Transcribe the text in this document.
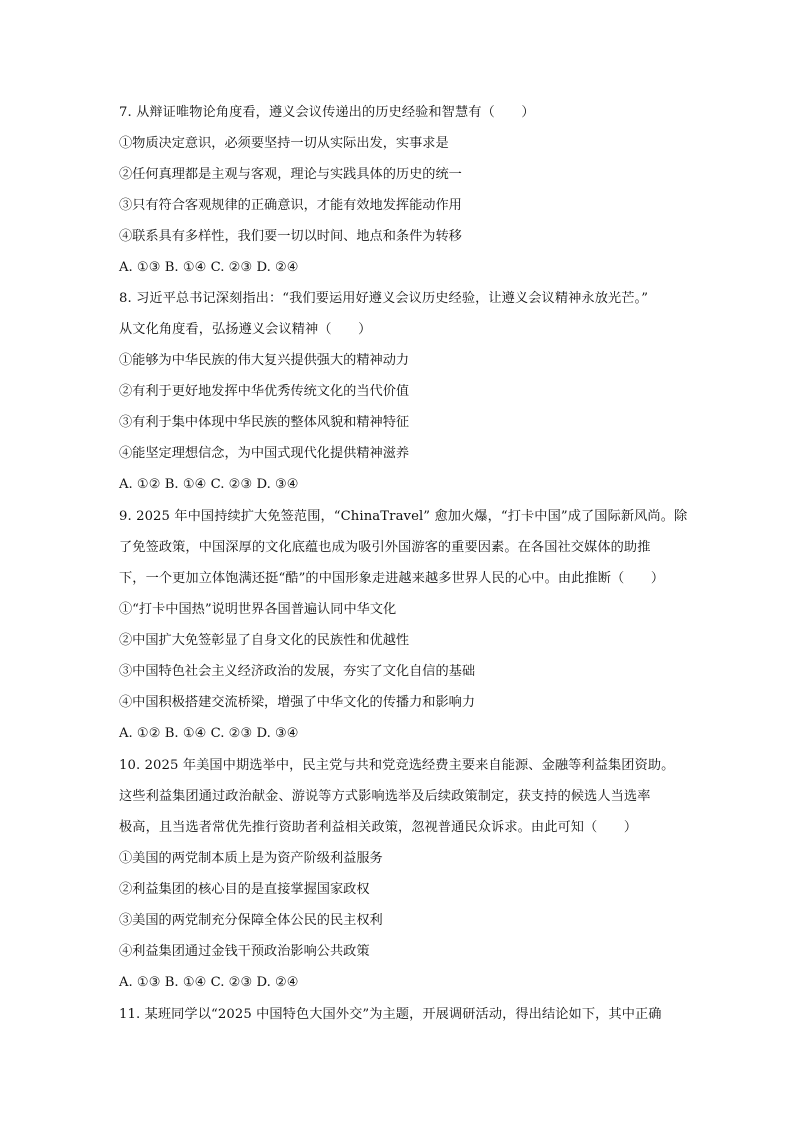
7. 从辩证唯物论角度看，遵义会议传递出的历史经验和智慧有（　　）
①物质决定意识，必须要坚持一切从实际出发，实事求是
②任何真理都是主观与客观，理论与实践具体的历史的统一
③只有符合客观规律的正确意识，才能有效地发挥能动作用
④联系具有多样性，我们要一切以时间、地点和条件为转移
A. ①③ B. ①④ C. ②③ D. ②④
8. 习近平总书记深刻指出：“我们要运用好遵义会议历史经验，让遵义会议精神永放光芒。”
从文化角度看，弘扬遵义会议精神（　　）
①能够为中华民族的伟大复兴提供强大的精神动力
②有利于更好地发挥中华优秀传统文化的当代价值
③有利于集中体现中华民族的整体风貌和精神特征
④能坚定理想信念，为中国式现代化提供精神滋养
A. ①② B. ①④ C. ②③ D. ③④
9. 2025 年中国持续扩大免签范围，“ChinaTravel” 愈加火爆，“打卡中国”成了国际新风尚。除
了免签政策，中国深厚的文化底蕴也成为吸引外国游客的重要因素。在各国社交媒体的助推
下，一个更加立体饱满还挺“酷”的中国形象走进越来越多世界人民的心中。由此推断（　　）
①“打卡中国热”说明世界各国普遍认同中华文化
②中国扩大免签彰显了自身文化的民族性和优越性
③中国特色社会主义经济政治的发展，夯实了文化自信的基础
④中国积极搭建交流桥梁，增强了中华文化的传播力和影响力
A. ①② B. ①④ C. ②③ D. ③④
10. 2025 年美国中期选举中，民主党与共和党竞选经费主要来自能源、金融等利益集团资助。
这些利益集团通过政治献金、游说等方式影响选举及后续政策制定，获支持的候选人当选率
极高，且当选者常优先推行资助者利益相关政策，忽视普通民众诉求。由此可知（　　）
①美国的两党制本质上是为资产阶级利益服务
②利益集团的核心目的是直接掌握国家政权
③美国的两党制充分保障全体公民的民主权利
④利益集团通过金钱干预政治影响公共政策
A. ①③ B. ①④ C. ②③ D. ②④
11. 某班同学以“2025 中国特色大国外交”为主题，开展调研活动，得出结论如下，其中正确
